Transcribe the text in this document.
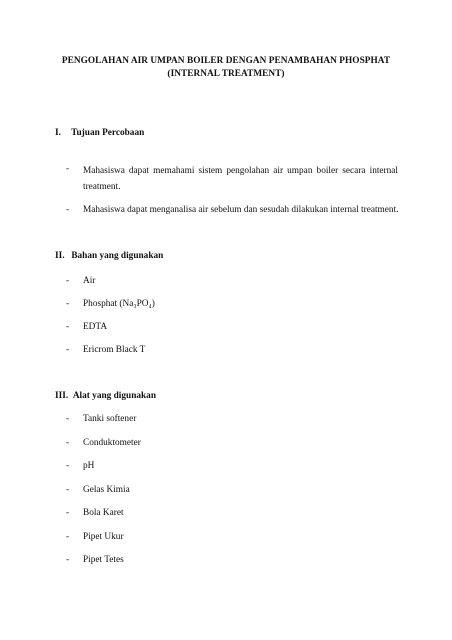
PENGOLAHAN AIR UMPAN BOILER DENGAN PENAMBAHAN PHOSPHAT
(INTERNAL TREATMENT)
I. Tujuan Percobaan
- Mahasiswa dapat memahami sistem pengolahan air umpan boiler secara internal treatment.
- Mahasiswa dapat menganalisa air sebelum dan sesudah dilakukan internal treatment.
II. Bahan yang digunakan
- Air
- Phosphat (Na₃PO₄)
- EDTA
- Ericrom Black T
III. Alat yang digunakan
- Tanki softener
- Conduktometer
- pH
- Gelas Kimia
- Bola Karet
- Pipet Ukur
- Pipet Tetes
